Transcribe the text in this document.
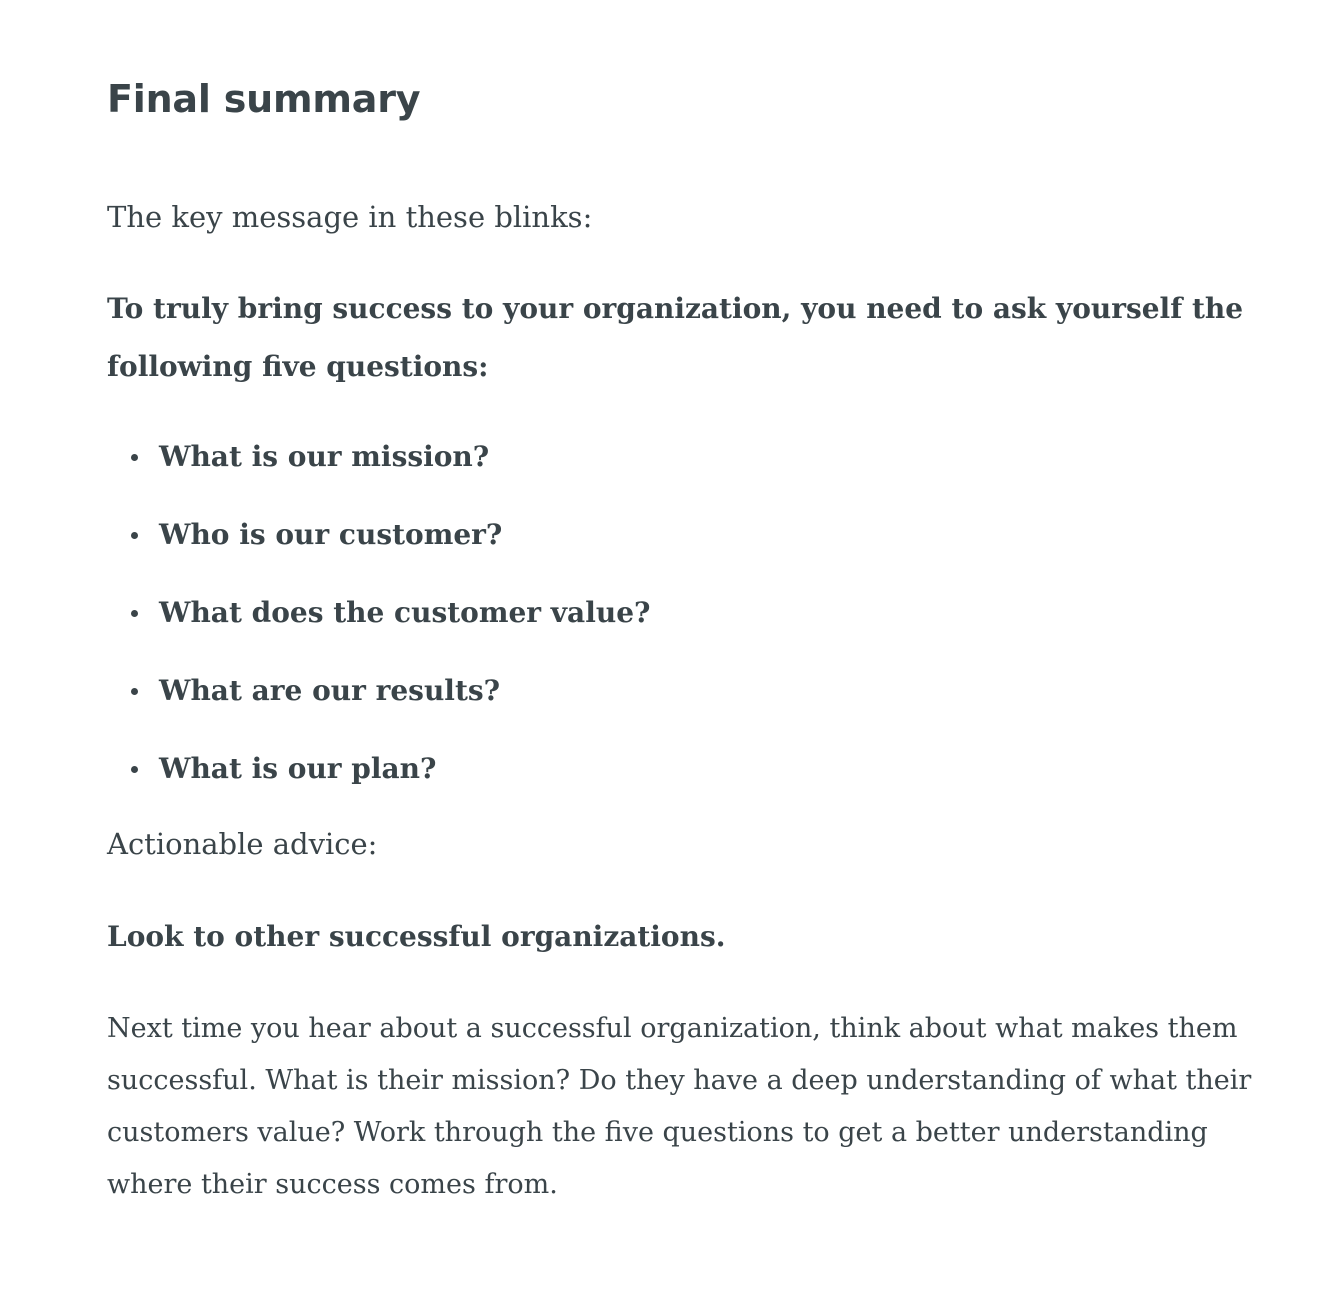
Final summary

The key message in these blinks:

To truly bring success to your organization, you need to ask yourself the following five questions:

What is our mission?
Who is our customer?
What does the customer value?
What are our results?
What is our plan?

Actionable advice:

Look to other successful organizations.

Next time you hear about a successful organization, think about what makes them successful. What is their mission? Do they have a deep understanding of what their customers value? Work through the five questions to get a better understanding where their success comes from.
